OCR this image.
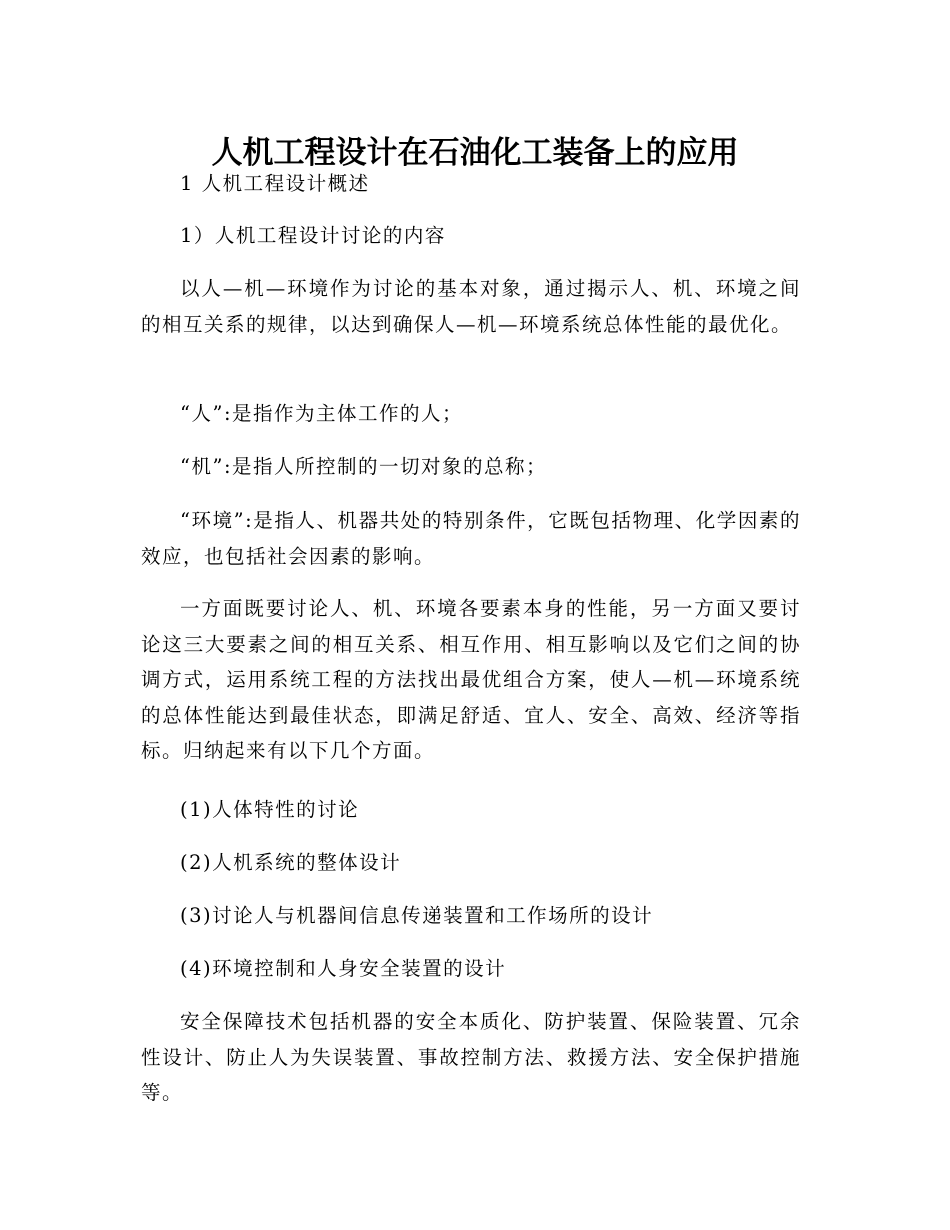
人机工程设计在石油化工装备上的应用

1 人机工程设计概述

1）人机工程设计讨论的内容

以人—机—环境作为讨论的基本对象，通过揭示人、机、环境之间的相互关系的规律，以达到确保人—机—环境系统总体性能的最优化。

“人”:是指作为主体工作的人；

“机”:是指人所控制的一切对象的总称；

“环境”:是指人、机器共处的特别条件，它既包括物理、化学因素的效应，也包括社会因素的影响。

一方面既要讨论人、机、环境各要素本身的性能，另一方面又要讨论这三大要素之间的相互关系、相互作用、相互影响以及它们之间的协调方式，运用系统工程的方法找出最优组合方案，使人—机—环境系统的总体性能达到最佳状态，即满足舒适、宜人、安全、高效、经济等指标。归纳起来有以下几个方面。

(1)人体特性的讨论

(2)人机系统的整体设计

(3)讨论人与机器间信息传递装置和工作场所的设计

(4)环境控制和人身安全装置的设计

安全保障技术包括机器的安全本质化、防护装置、保险装置、冗余性设计、防止人为失误装置、事故控制方法、救援方法、安全保护措施等。
